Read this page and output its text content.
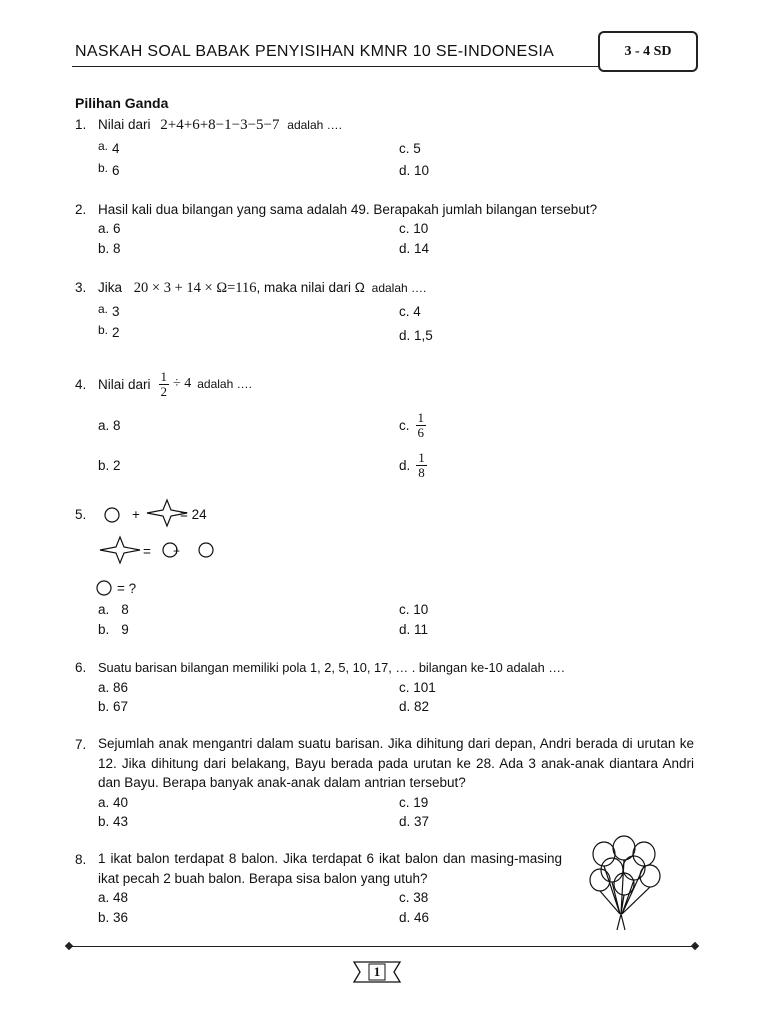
NASKAH SOAL BABAK PENYISIHAN KMNR 10 SE-INDONESIA	3 - 4 SD
Pilihan Ganda
1. Nilai dari 2+4+6+8−1−3−5−7 adalah ….
a. 4
b. 6
c. 5
d. 10
2. Hasil kali dua bilangan yang sama adalah 49. Berapakah jumlah bilangan tersebut?
a. 6
b. 8
c. 10
d. 14
3. Jika 20 × 3 + 14 × Ω=116, maka nilai dari Ω adalah ….
a. 3
b. 2
c. 4
d. 1,5
4. Nilai dari $\frac{1}{2} \div 4$ adalah ….
a. 8
b. 2
c. $\frac{1}{6}$
d. $\frac{1}{8}$
5.	+	= 24
= +
= ?
a. 8
b. 9
c. 10
d. 11
6. Suatu barisan bilangan memiliki pola 1, 2, 5, 10, 17, … . bilangan ke-10 adalah ….
a. 86
b. 67
c. 101
d. 82
7. Sejumlah anak mengantri dalam suatu barisan. Jika dihitung dari depan, Andri berada di urutan ke 12. Jika dihitung dari belakang, Bayu berada pada urutan ke 28. Ada 3 anak-anak diantara Andri dan Bayu. Berapa banyak anak-anak dalam antrian tersebut?
a. 40
b. 43
c. 19
d. 37
8. 1 ikat balon terdapat 8 balon. Jika terdapat 6 ikat balon dan masing-masing ikat pecah 2 buah balon. Berapa sisa balon yang utuh?
a. 48
b. 36
c. 38
d. 46
1
